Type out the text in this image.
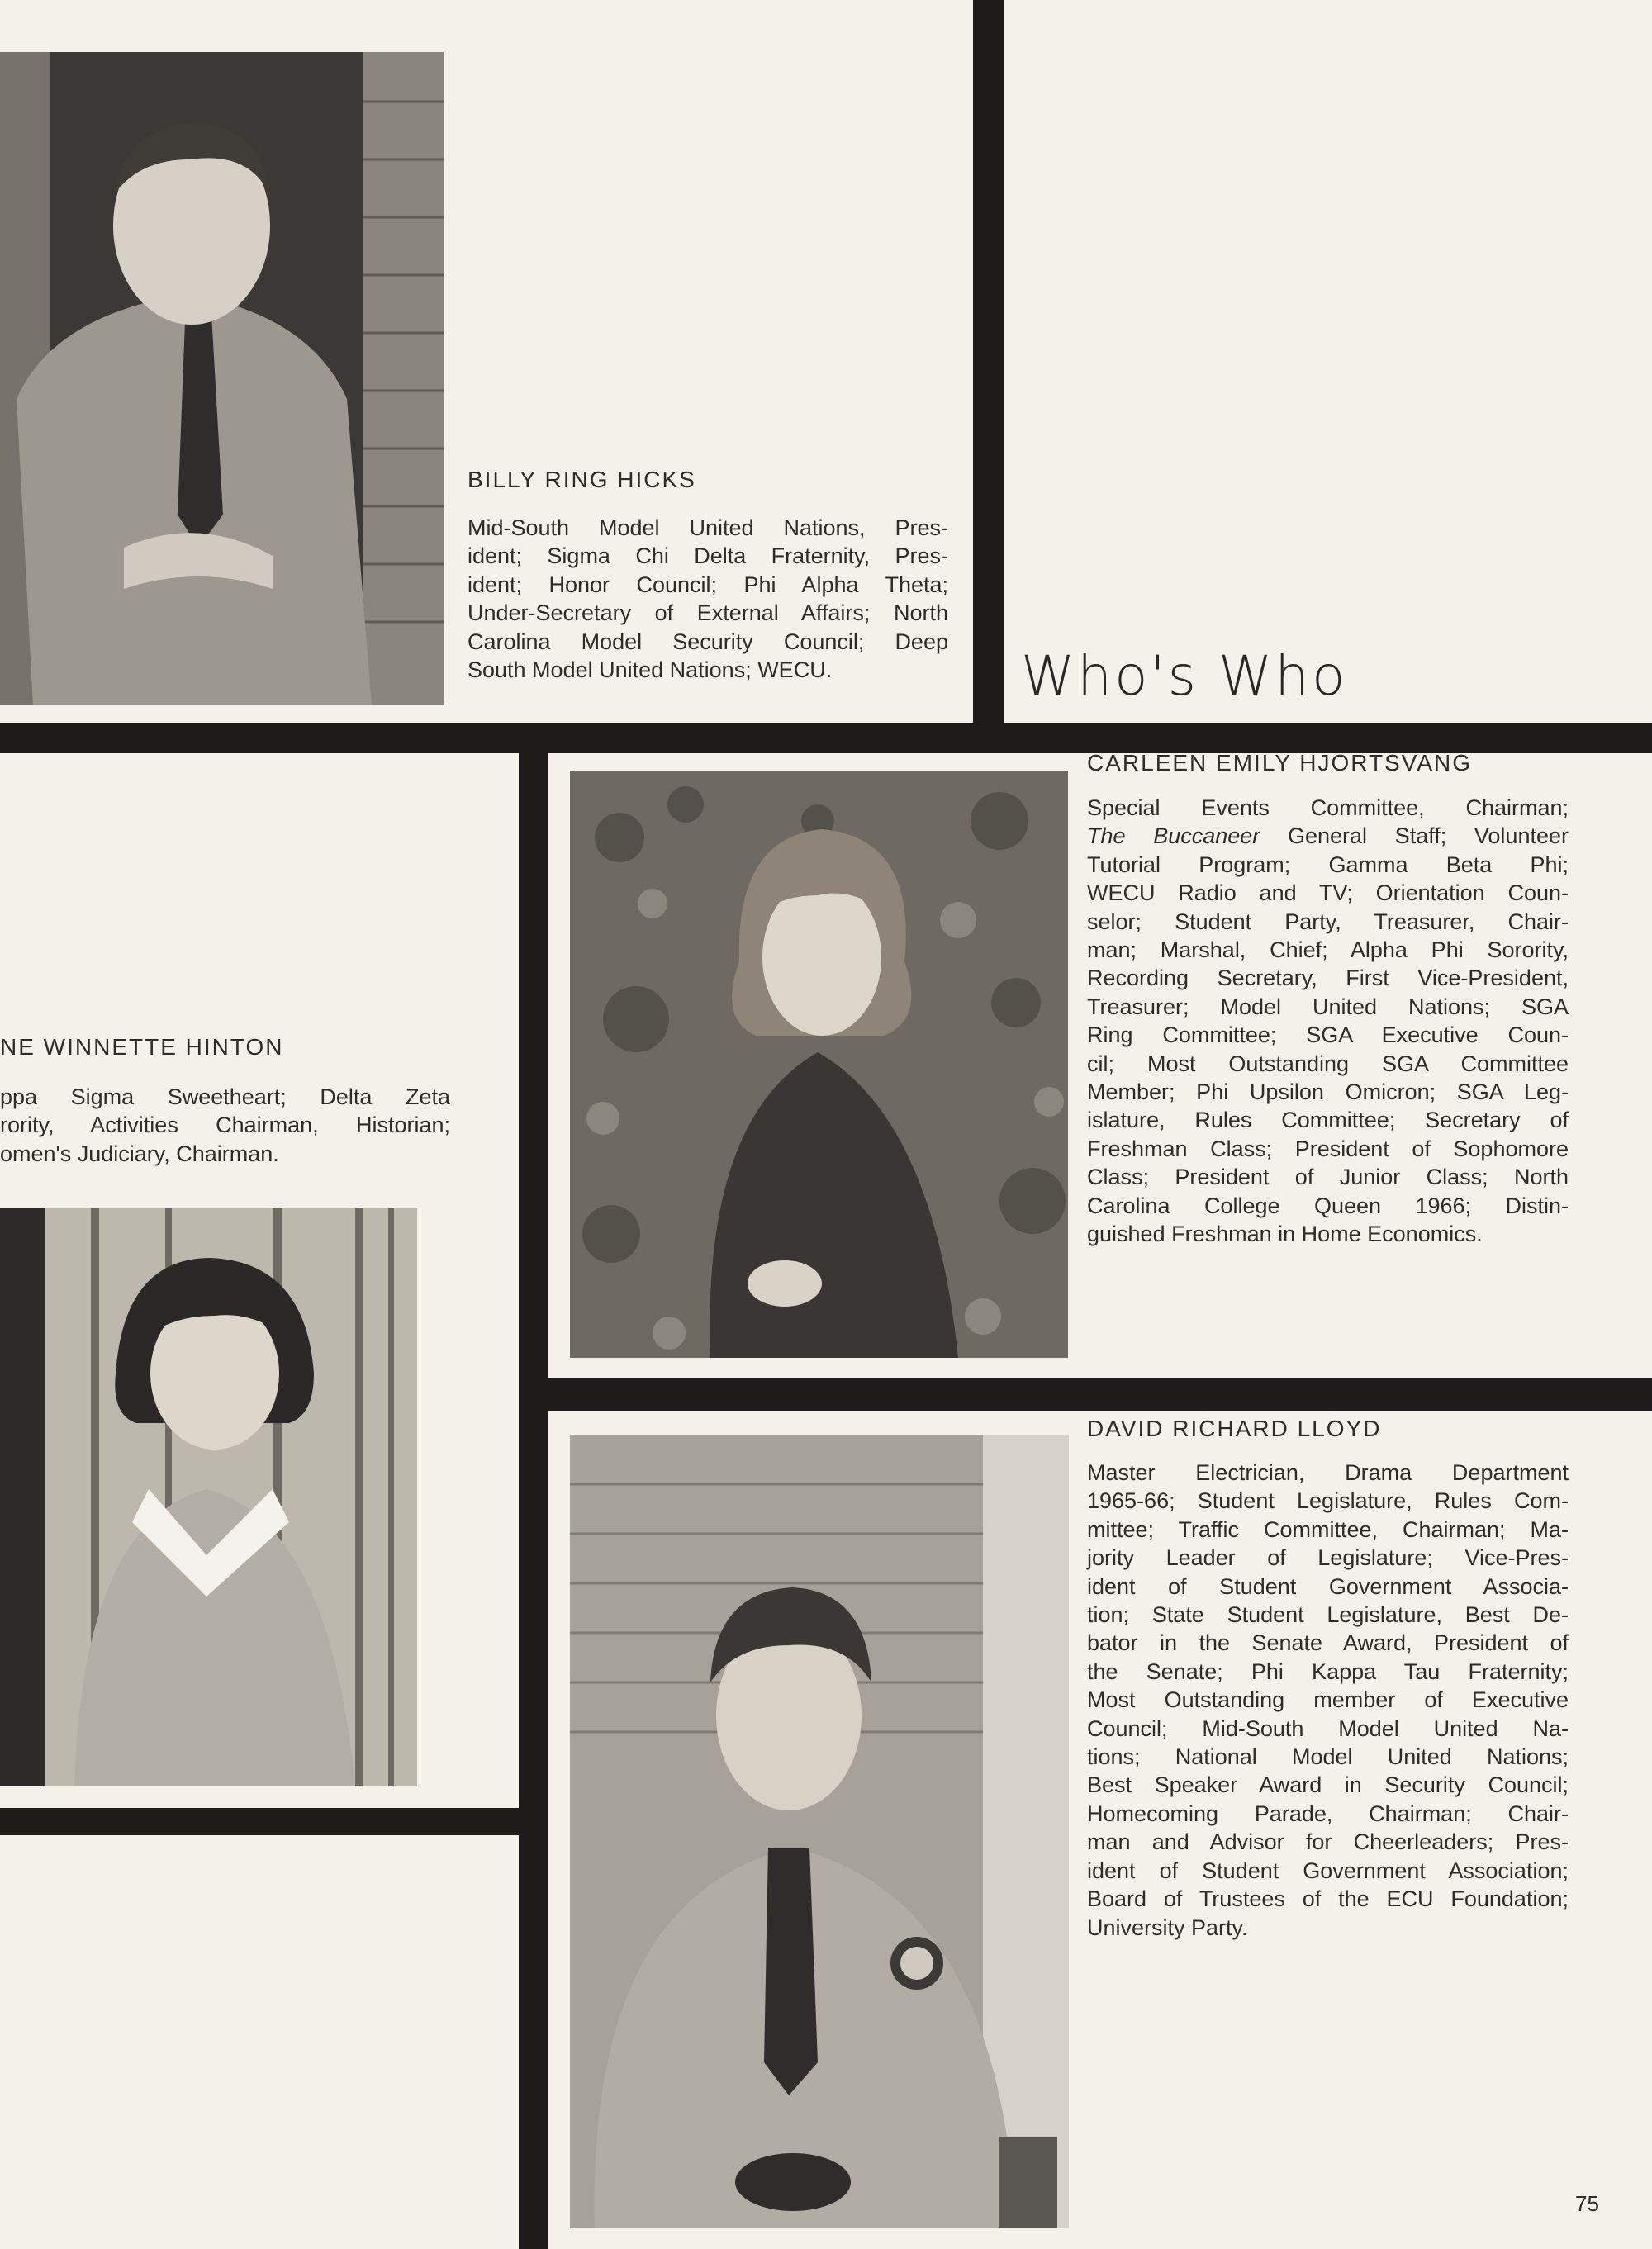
BILLY RING HICKS
Mid-South Model United Nations, Pres-
ident; Sigma Chi Delta Fraternity, Pres-
ident; Honor Council; Phi Alpha Theta;
Under-Secretary of External Affairs; North
Carolina Model Security Council; Deep
South Model United Nations; WECU.	Who's Who
NE WINNETTE HINTON
ppa Sigma Sweetheart; Delta Zeta
rority, Activities Chairman, Historian;
omen's Judiciary, Chairman.
CARLEEN EMILY HJORTSVANG
Special Events Committee, Chairman;
The Buccaneer General Staff; Volunteer
Tutorial Program; Gamma Beta Phi;
WECU Radio and TV; Orientation Coun-
selor; Student Party, Treasurer, Chair-
man; Marshal, Chief; Alpha Phi Sorority,
Recording Secretary, First Vice-President,
Treasurer; Model United Nations; SGA
Ring Committee; SGA Executive Coun-
cil; Most Outstanding SGA Committee
Member; Phi Upsilon Omicron; SGA Leg-
islature, Rules Committee; Secretary of
Freshman Class; President of Sophomore
Class; President of Junior Class; North
Carolina College Queen 1966; Distin-
guished Freshman in Home Economics.
DAVID RICHARD LLOYD
Master Electrician, Drama Department
1965-66; Student Legislature, Rules Com-
mittee; Traffic Committee, Chairman; Ma-
jority Leader of Legislature; Vice-Pres-
ident of Student Government Associa-
tion; State Student Legislature, Best De-
bator in the Senate Award, President of
the Senate; Phi Kappa Tau Fraternity;
Most Outstanding member of Executive
Council; Mid-South Model United Na-
tions; National Model United Nations;
Best Speaker Award in Security Council;
Homecoming Parade, Chairman; Chair-
man and Advisor for Cheerleaders; Pres-
ident of Student Government Association;
Board of Trustees of the ECU Foundation;
University Party.
75
